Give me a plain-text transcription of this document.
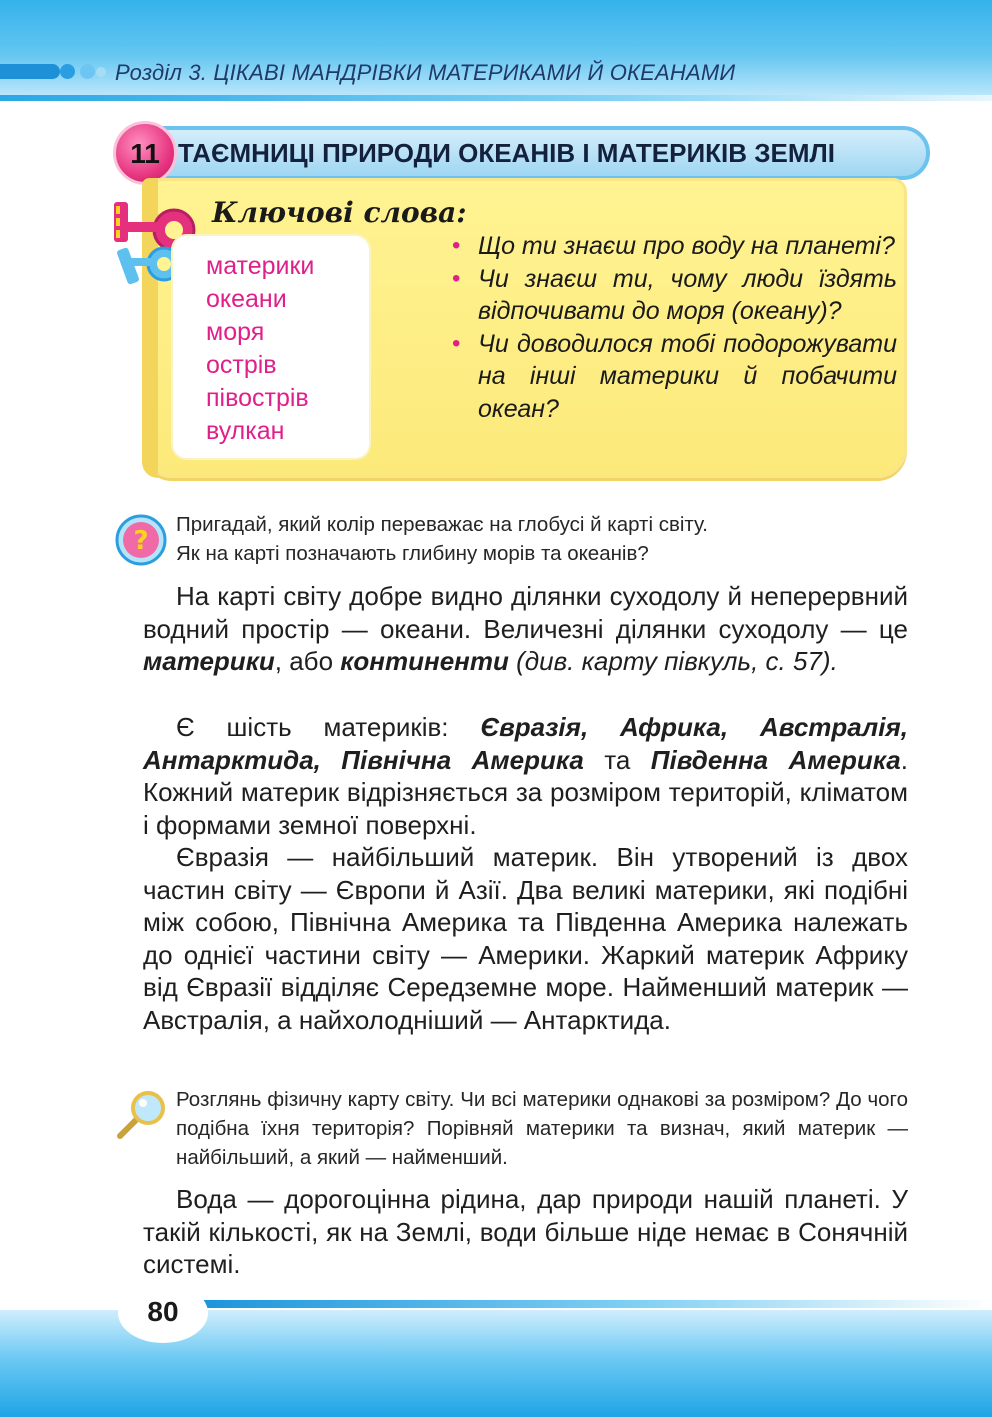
Розділ 3. ЦІКАВІ МАНДРІВКИ МАТЕРИКАМИ Й ОКЕАНАМИ
11 ТАЄМНИЦІ ПРИРОДИ ОКЕАНІВ І МАТЕРИКІВ ЗЕМЛІ
Ключові слова:
материки
океани
моря
острів
півострів
вулкан
• Що ти знаєш про воду на планеті?
• Чи знаєш ти, чому люди їздять відпочивати до моря (океану)?
• Чи доводилося тобі подорожувати на інші материки й побачити океан?
?
Пригадай, який колір переважає на глобусі й карті світу.
Як на карті позначають глибину морів та океанів?

На карті світу добре видно ділянки суходолу й неперервний водний простір — океани. Величезні ділянки суходолу — це материки, або континенти (див. карту півкуль, с. 57).

Є шість материків: Євразія, Африка, Австралія, Антарктида, Північна Америка та Південна Америка. Кожний материк відрізняється за розміром територій, кліматом і формами земної поверхні.

Євразія — найбільший материк. Він утворений із двох частин світу — Європи й Азії. Два великі материки, які подібні між собою, Північна Америка та Південна Америка належать до однієї частини світу — Америки. Жаркий материк Африку від Євразії відділяє Середземне море. Найменший материк — Австралія, а найхолодніший — Антарктида.

Розглянь фізичну карту світу. Чи всі материки однакові за розміром? До чого подібна їхня територія? Порівняй материки та визнач, який материк — найбільший, а який — найменший.

Вода — дорогоцінна рідина, дар природи нашій планеті. У такій кількості, як на Землі, води більше ніде немає в Сонячній системі.

80
